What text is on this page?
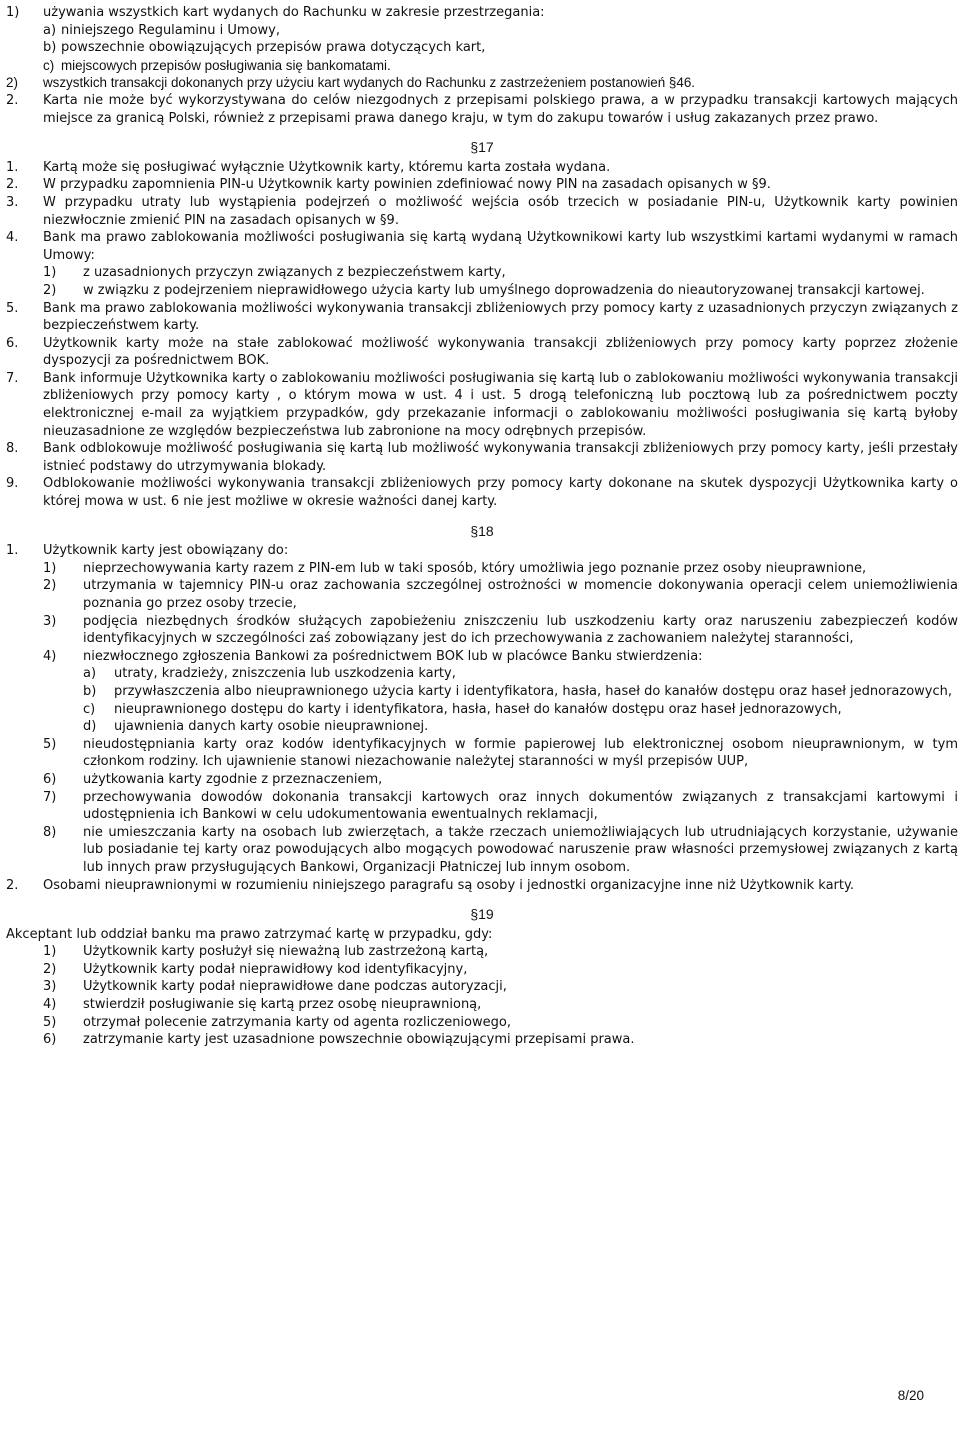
1)	używania wszystkich kart wydanych do Rachunku w zakresie przestrzegania:
a) niniejszego Regulaminu i Umowy,
b) powszechnie obowiązujących przepisów prawa dotyczących kart,
c) miejscowych przepisów posługiwania się bankomatami.
2)	wszystkich transakcji dokonanych przy użyciu kart wydanych do Rachunku z zastrzeżeniem postanowień §46.
2.	Karta nie może być wykorzystywana do celów niezgodnych z przepisami polskiego prawa, a w przypadku transakcji kartowych mających miejsce za granicą Polski, również z przepisami prawa danego kraju, w tym do zakupu towarów i usług zakazanych przez prawo.
§17
1.	Kartą może się posługiwać wyłącznie Użytkownik karty, któremu karta została wydana.
2.	W przypadku zapomnienia PIN-u Użytkownik karty powinien zdefiniować nowy PIN na zasadach opisanych w §9.
3.	W przypadku utraty lub wystąpienia podejrzeń o możliwość wejścia osób trzecich w posiadanie PIN-u, Użytkownik karty powinien niezwłocznie zmienić PIN na zasadach opisanych w §9.
4.	Bank ma prawo zablokowania możliwości posługiwania się kartą wydaną Użytkownikowi karty lub wszystkimi kartami wydanymi w ramach Umowy:
1)	z uzasadnionych przyczyn związanych z bezpieczeństwem karty,
2)	w związku z podejrzeniem nieprawidłowego użycia karty lub umyślnego doprowadzenia do nieautoryzowanej transakcji kartowej.
5.	Bank ma prawo zablokowania możliwości wykonywania transakcji zbliżeniowych przy pomocy karty z uzasadnionych przyczyn związanych z bezpieczeństwem karty.
6.	Użytkownik karty może na stałe zablokować możliwość wykonywania transakcji zbliżeniowych przy pomocy karty poprzez złożenie dyspozycji za pośrednictwem BOK.
7.	Bank informuje Użytkownika karty o zablokowaniu możliwości posługiwania się kartą lub o zablokowaniu możliwości wykonywania transakcji zbliżeniowych przy pomocy karty , o którym mowa w ust. 4 i ust. 5 drogą telefoniczną lub pocztową lub za pośrednictwem poczty elektronicznej e-mail za wyjątkiem przypadków, gdy przekazanie informacji o zablokowaniu możliwości posługiwania się kartą byłoby nieuzasadnione ze względów bezpieczeństwa lub zabronione na mocy odrębnych przepisów.
8.	Bank odblokowuje możliwość posługiwania się kartą lub możliwość wykonywania transakcji zbliżeniowych przy pomocy karty, jeśli przestały istnieć podstawy do utrzymywania blokady.
9.	Odblokowanie możliwości wykonywania transakcji zbliżeniowych przy pomocy karty dokonane na skutek dyspozycji Użytkownika karty o której mowa w ust. 6 nie jest możliwe w okresie ważności danej karty.
§18
1.	Użytkownik karty jest obowiązany do:
1)	nieprzechowywania karty razem z PIN-em lub w taki sposób, który umożliwia jego poznanie przez osoby nieuprawnione,
2)	utrzymania w tajemnicy PIN-u oraz zachowania szczególnej ostrożności w momencie dokonywania operacji celem uniemożliwienia poznania go przez osoby trzecie,
3)	podjęcia niezbędnych środków służących zapobieżeniu zniszczeniu lub uszkodzeniu karty oraz naruszeniu zabezpieczeń kodów identyfikacyjnych w szczególności zaś zobowiązany jest do ich przechowywania z zachowaniem należytej staranności,
4)	niezwłocznego zgłoszenia Bankowi za pośrednictwem BOK lub w placówce Banku stwierdzenia:
a)	utraty, kradzieży, zniszczenia lub uszkodzenia karty,
b)	przywłaszczenia albo nieuprawnionego użycia karty i identyfikatora, hasła, haseł do kanałów dostępu oraz haseł jednorazowych,
c)	nieuprawnionego dostępu do karty i identyfikatora, hasła, haseł do kanałów dostępu oraz haseł jednorazowych,
d)	ujawnienia danych karty osobie nieuprawnionej.
5)	nieudostępniania karty oraz kodów identyfikacyjnych w formie papierowej lub elektronicznej osobom nieuprawnionym, w tym członkom rodziny. Ich ujawnienie stanowi niezachowanie należytej staranności w myśl przepisów UUP,
6)	użytkowania karty zgodnie z przeznaczeniem,
7)	przechowywania dowodów dokonania transakcji kartowych oraz innych dokumentów związanych z transakcjami kartowymi i udostępnienia ich Bankowi w celu udokumentowania ewentualnych reklamacji,
8)	nie umieszczania karty na osobach lub zwierzętach, a także rzeczach uniemożliwiających lub utrudniających korzystanie, używanie lub posiadanie tej karty oraz powodujących albo mogących powodować naruszenie praw własności przemysłowej związanych z kartą lub innych praw przysługujących Bankowi, Organizacji Płatniczej lub innym osobom.
2.	Osobami nieuprawnionymi w rozumieniu niniejszego paragrafu są osoby i jednostki organizacyjne inne niż Użytkownik karty.
§19

Akceptant lub oddział banku ma prawo zatrzymać kartę w przypadku, gdy:

1)	Użytkownik karty posłużył się nieważną lub zastrzeżoną kartą,
2)	Użytkownik karty podał nieprawidłowy kod identyfikacyjny,
3)	Użytkownik karty podał nieprawidłowe dane podczas autoryzacji,
4)	stwierdził posługiwanie się kartą przez osobę nieuprawnioną,
5)	otrzymał polecenie zatrzymania karty od agenta rozliczeniowego,
6)	zatrzymanie karty jest uzasadnione powszechnie obowiązującymi przepisami prawa.
8/20
